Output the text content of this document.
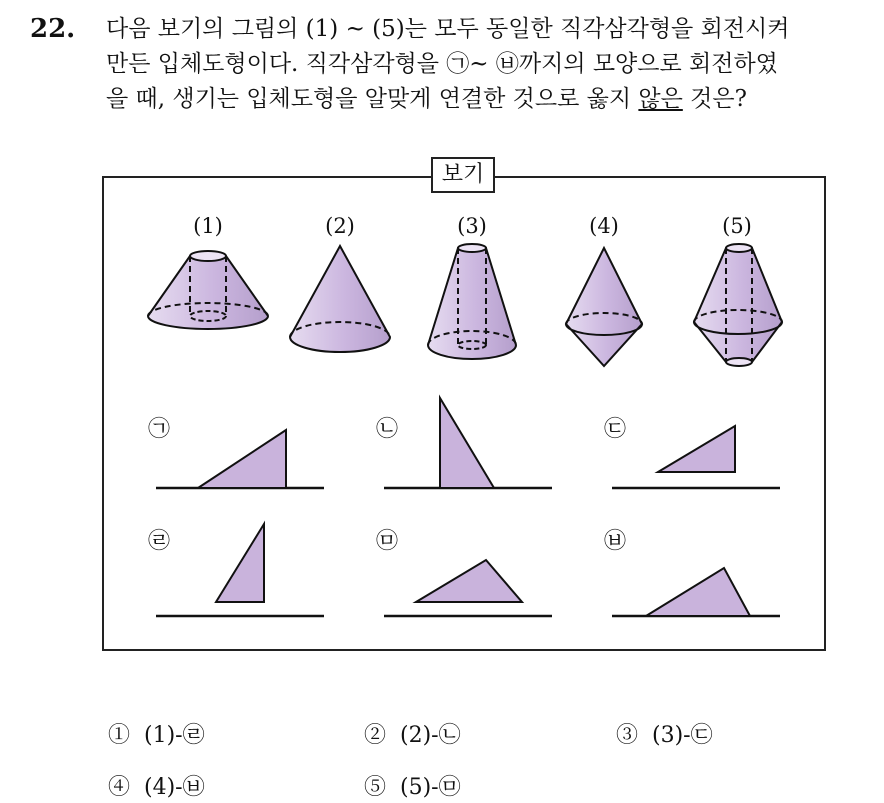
22. 다음 보기의 그림의 (1) ~ (5)는 모두 동일한 직각삼각형을 회전시켜
만든 입체도형이다. 직각삼각형을 ㉠~ ㉥까지의 모양으로 회전하였
을 때, 생기는 입체도형을 알맞게 연결한 것으로 옳지 않은 것은?
보기
(1)	(2)	(3)	(4)	(5)
㉠	㉡	㉢
㉣	㉤	㉥
① (1)-㉣	② (2)-㉡	③ (3)-㉢
④ (4)-㉥	⑤ (5)-㉤
